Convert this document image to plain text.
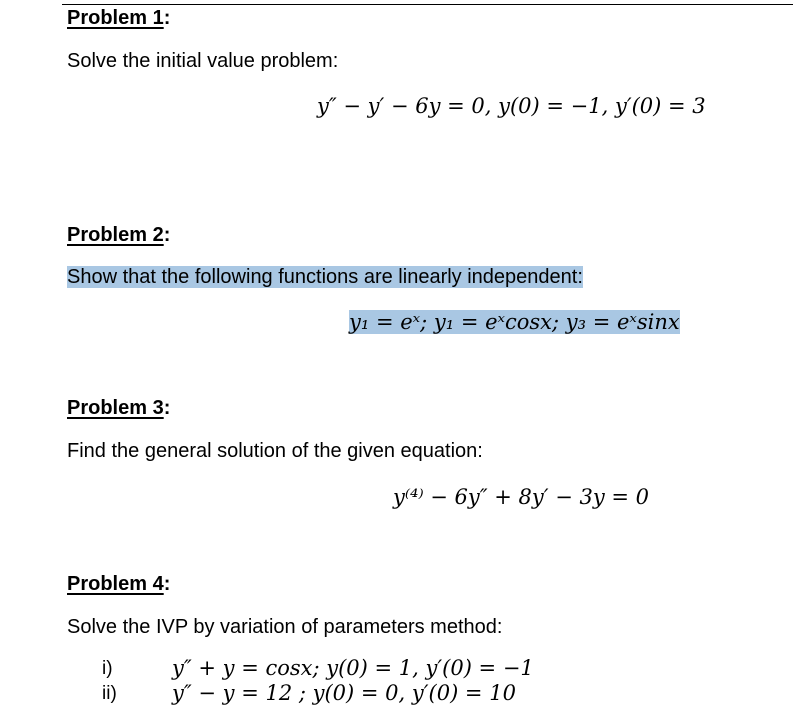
Problem 1:
Solve the initial value problem:
y″ − y′ − 6y = 0, y(0) = −1, y′(0) = 3
Problem 2:
Show that the following functions are linearly independent:
y₁ = eˣ; y₁ = eˣcosx; y₃ = eˣsinx
Problem 3:
Find the general solution of the given equation:
y⁽⁴⁾ − 6y″ + 8y′ − 3y = 0
Problem 4:
Solve the IVP by variation of parameters method:
i)	y″ + y = cosx; y(0) = 1, y′(0) = −1
ii)	y″ − y = 12 ; y(0) = 0, y′(0) = 10
